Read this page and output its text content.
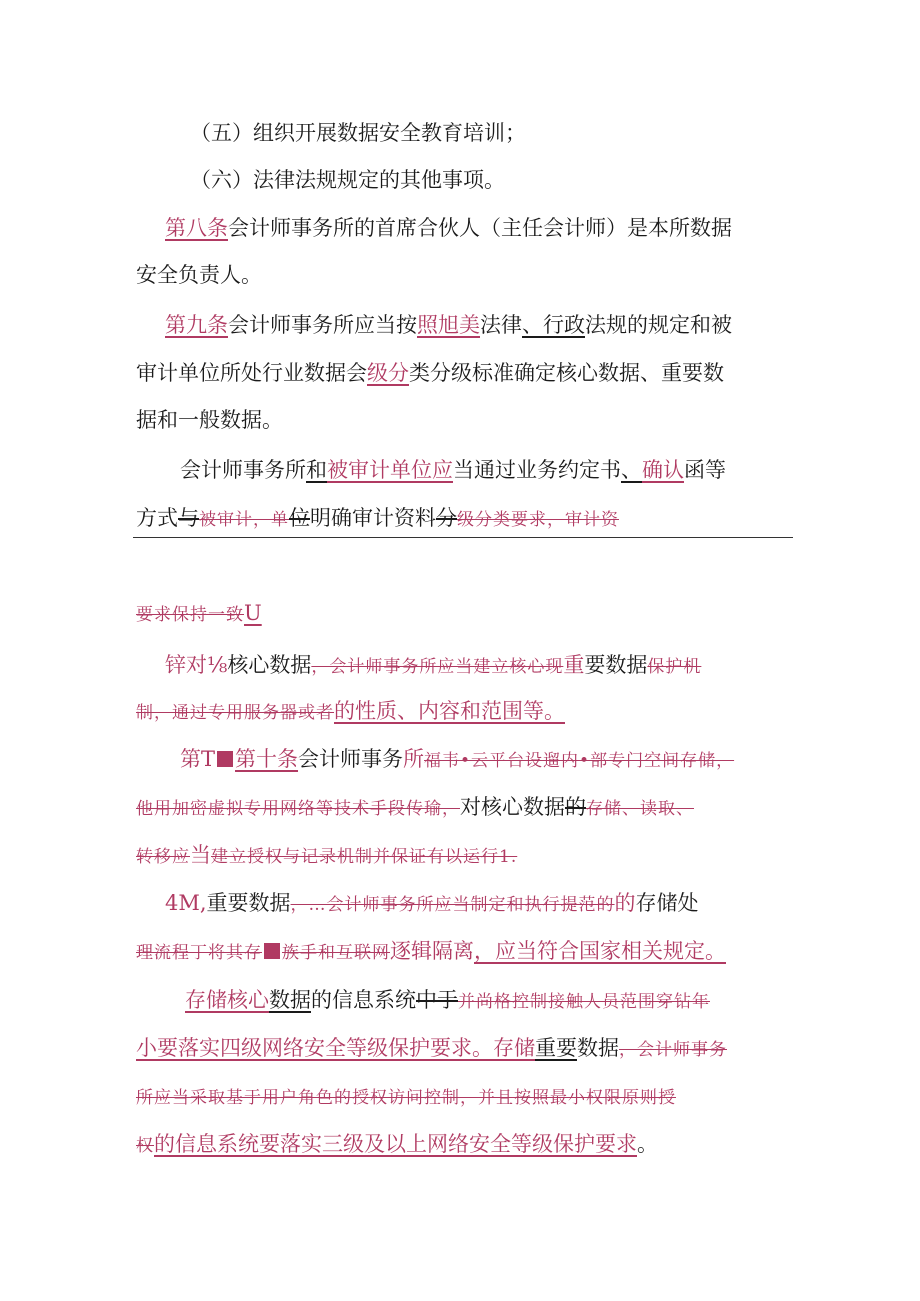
（五）组织开展数据安全教育培训；
（六）法律法规规定的其他事项。
第八条会计师事务所的首席合伙人（主任会计师）是本所数据
安全负责人。
第九条会计师事务所应当按照旭美法律、行政法规的规定和被
审计单位所处行业数据会级分类分级标准确定核心数据、重要数
据和一般数据。
会计师事务所和被审计单位应当通过业务约定书、确认函等
方式与被审计，单位明确审计资料分级分类要求，审计资
要求保持一致U
锌对⅛核心数据，会计师事务所应当建立核心现重要数据保护机
制，通过专用服务器或者的性质、内容和范围等。
第T 第十条会计师事务所福韦•云平台设遛内•部专门空间存储，
他用加密虚拟专用网络等技术手段传瑜，对核心数据的存储、读取、
转移应当建立授权与记录机制并保证有以运行1.
4M,重要数据，…会计师事务所应当制定和执行提范的的存储处
理流程丁将其存 族手和互联网逐辑隔离，应当符合国家相关规定。
存储核心数据的信息系统中于并尚格控制接触人员范围穿钻年
小要落实四级网络安全等级保护要求。存储重要数据，会计师事务
所应当采取基于用户角色的授权访问控制，并且按照最小权限原则授
权的信息系统要落实三级及以上网络安全等级保护要求。
